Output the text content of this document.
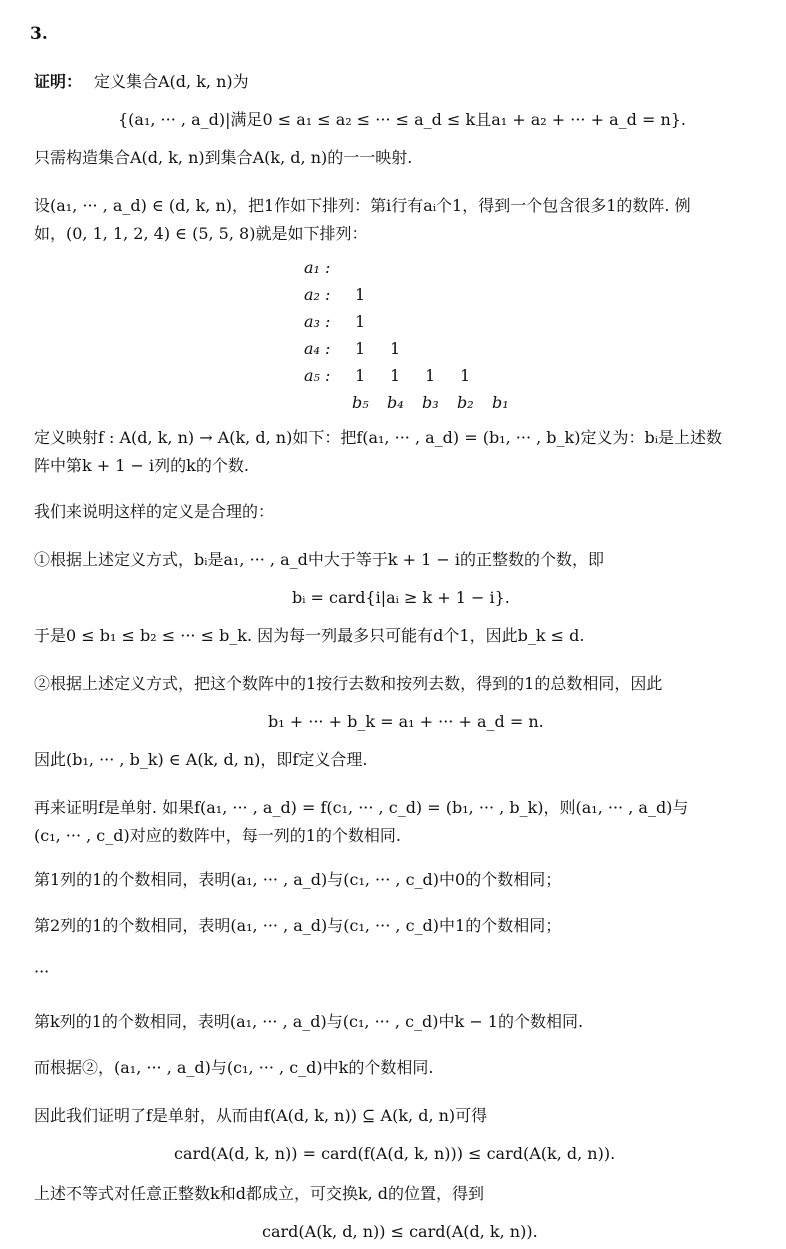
3.
证明： 定义集合A(d, k, n)为
{(a₁, ··· , a_d)|满足0 ≤ a₁ ≤ a₂ ≤ ··· ≤ a_d ≤ k且a₁ + a₂ + ··· + a_d = n}.
只需构造集合A(d, k, n)到集合A(k, d, n)的一一映射.
设(a₁, ··· , a_d) ∈ (d, k, n)，把1作如下排列：第i行有aᵢ个1，得到一个包含很多1的数阵. 例
如，(0, 1, 1, 2, 4) ∈ (5, 5, 8)就是如下排列：
a₁ :
a₂ : 1
a₃ : 1
a₄ : 1 1
a₅ : 1 1 1 1
b₅ b₄ b₃ b₂ b₁
定义映射f : A(d, k, n) → A(k, d, n)如下：把f(a₁, ··· , a_d) = (b₁, ··· , b_k)定义为：bᵢ是上述数
阵中第k + 1 − i列的k的个数.
我们来说明这样的定义是合理的：
①根据上述定义方式，bᵢ是a₁, ··· , a_d中大于等于k + 1 − i的正整数的个数，即
bᵢ = card{i|aᵢ ≥ k + 1 − i}.
于是0 ≤ b₁ ≤ b₂ ≤ ··· ≤ b_k. 因为每一列最多只可能有d个1，因此b_k ≤ d.
②根据上述定义方式，把这个数阵中的1按行去数和按列去数，得到的1的总数相同，因此
b₁ + ··· + b_k = a₁ + ··· + a_d = n.
因此(b₁, ··· , b_k) ∈ A(k, d, n)，即f定义合理.
再来证明f是单射. 如果f(a₁, ··· , a_d) = f(c₁, ··· , c_d) = (b₁, ··· , b_k)，则(a₁, ··· , a_d)与
(c₁, ··· , c_d)对应的数阵中，每一列的1的个数相同.
第1列的1的个数相同，表明(a₁, ··· , a_d)与(c₁, ··· , c_d)中0的个数相同；
第2列的1的个数相同，表明(a₁, ··· , a_d)与(c₁, ··· , c_d)中1的个数相同；
···
第k列的1的个数相同，表明(a₁, ··· , a_d)与(c₁, ··· , c_d)中k − 1的个数相同.
而根据②，(a₁, ··· , a_d)与(c₁, ··· , c_d)中k的个数相同.
因此我们证明了f是单射，从而由f(A(d, k, n)) ⊆ A(k, d, n)可得
card(A(d, k, n)) = card(f(A(d, k, n))) ≤ card(A(k, d, n)).
上述不等式对任意正整数k和d都成立，可交换k, d的位置，得到
card(A(k, d, n)) ≤ card(A(d, k, n)).
